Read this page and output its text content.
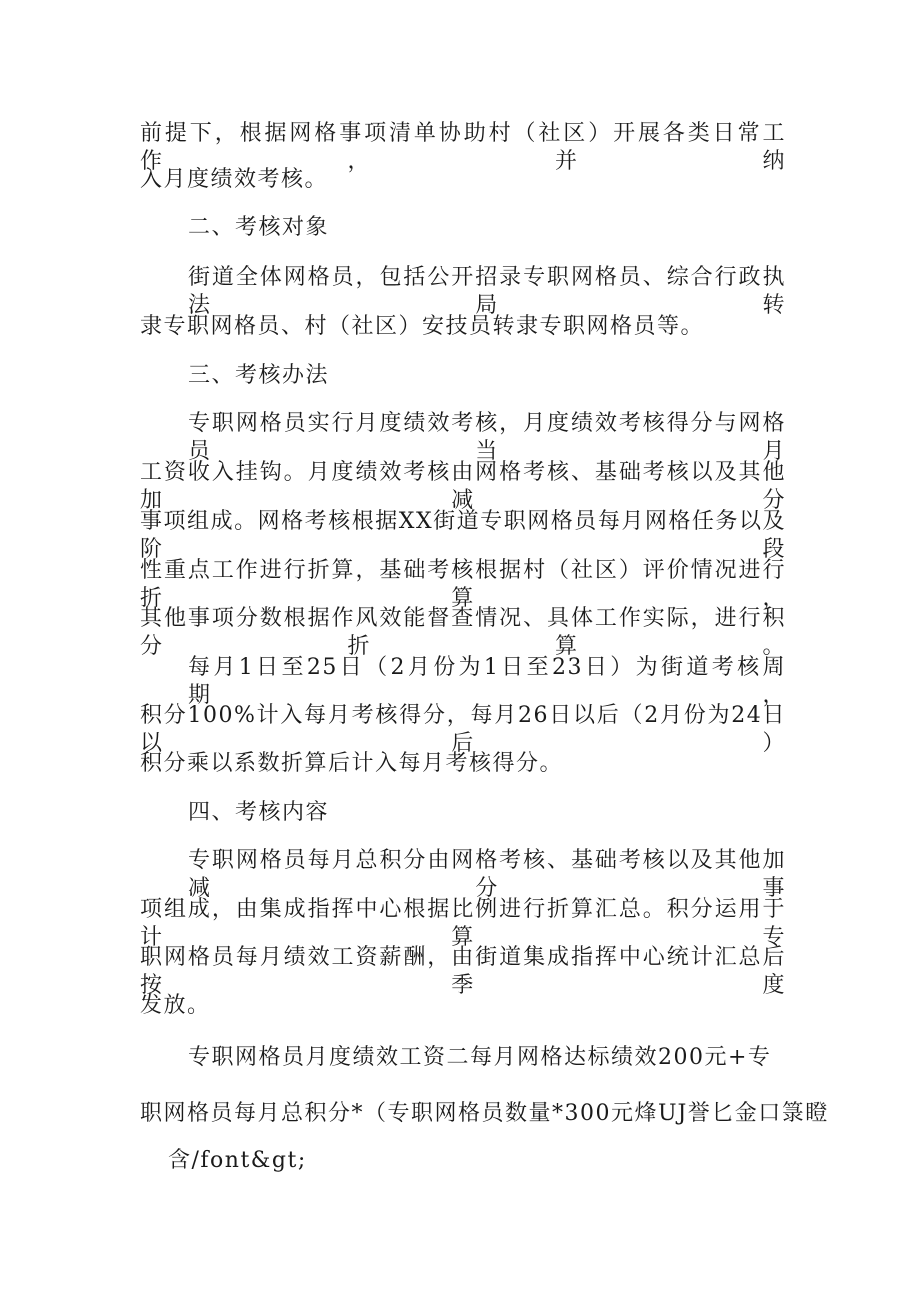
前提下，根据网格事项清单协助村（社区）开展各类日常工作，并纳
入月度绩效考核。
二、考核对象
街道全体网格员，包括公开招录专职网格员、综合行政执法局转
隶专职网格员、村（社区）安技员转隶专职网格员等。
三、考核办法
专职网格员实行月度绩效考核，月度绩效考核得分与网格员当月
工资收入挂钩。月度绩效考核由网格考核、基础考核以及其他加减分
事项组成。网格考核根据XX街道专职网格员每月网格任务以及阶段
性重点工作进行折算，基础考核根据村（社区）评价情况进行折算，
其他事项分数根据作风效能督查情况、具体工作实际，进行积分折算。
每月1日至25日（2月份为1日至23日）为街道考核周期，
积分100%计入每月考核得分，每月26日以后（2月份为24日以后）
积分乘以系数折算后计入每月考核得分。
四、考核内容
专职网格员每月总积分由网格考核、基础考核以及其他加减分事
项组成，由集成指挥中心根据比例进行折算汇总。积分运用于计算专
职网格员每月绩效工资薪酬，由街道集成指挥中心统计汇总后按季度
发放。
专职网格员月度绩效工资二每月网格达标绩效200元+专
职网格员每月总积分*（专职网格员数量*300元烽UJ誉匕金口箓瞪
含/font&gt;
